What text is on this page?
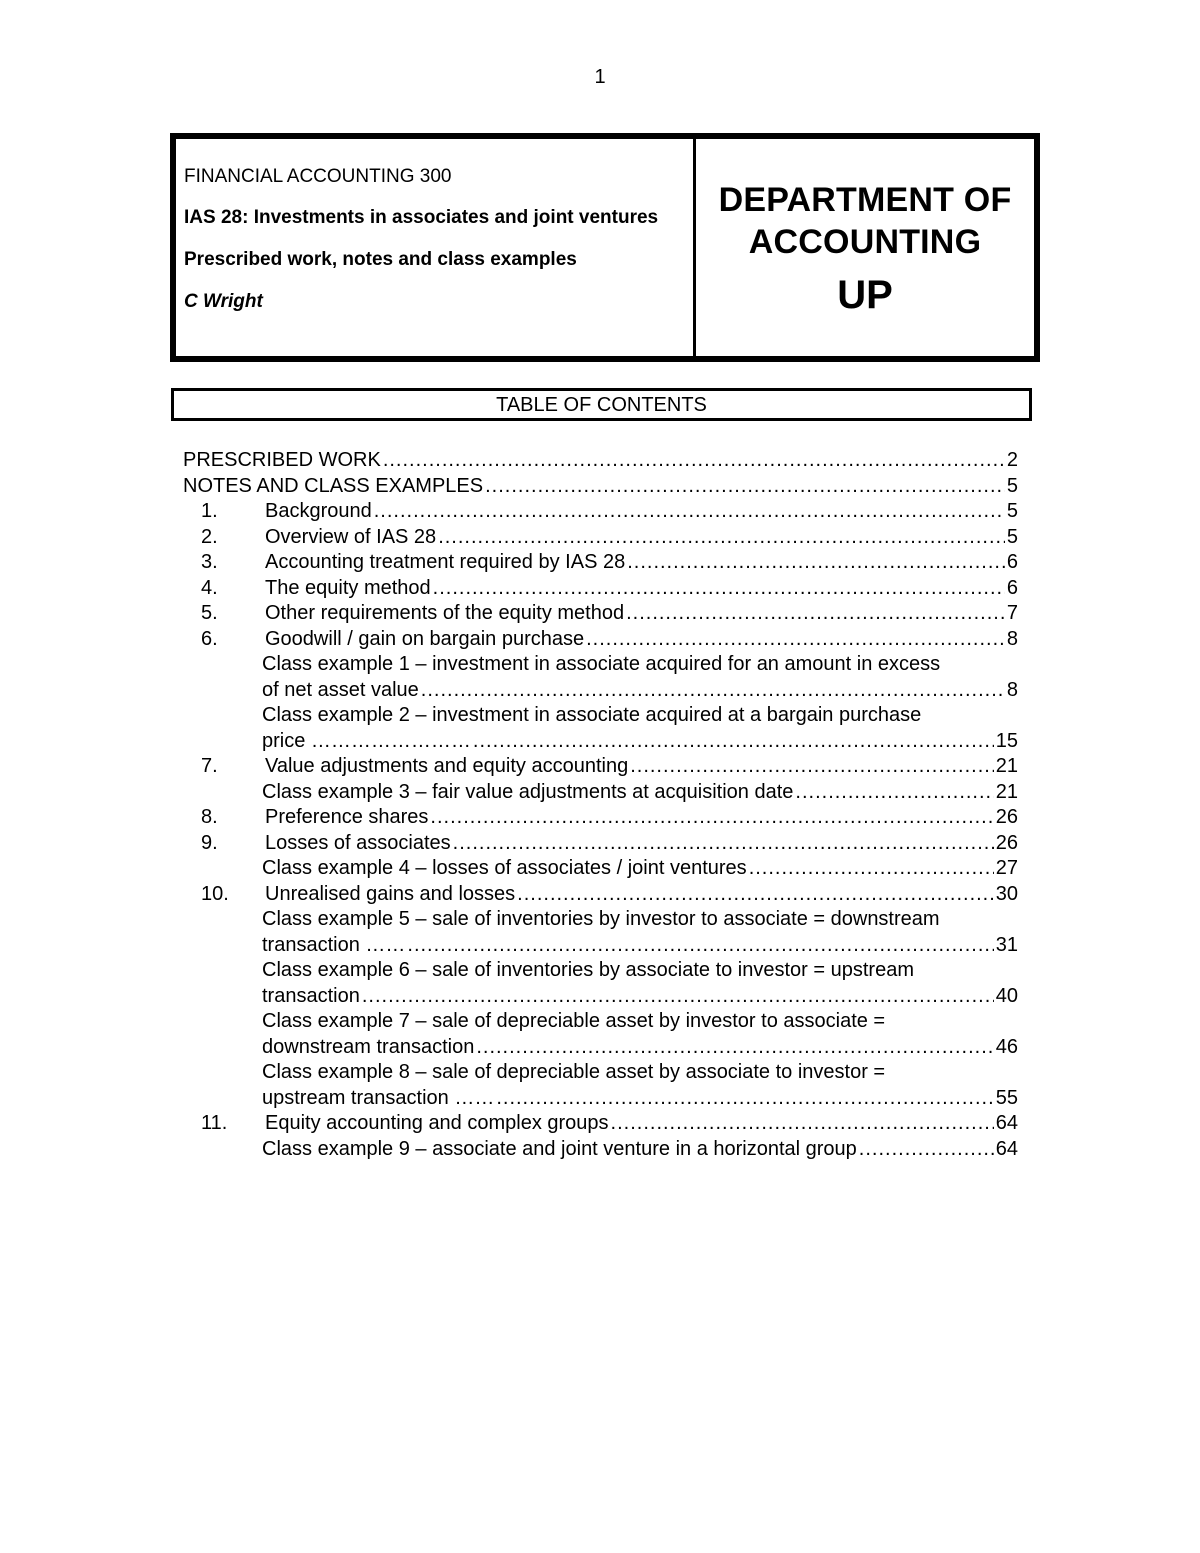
1

FINANCIAL ACCOUNTING 300

IAS 28: Investments in associates and joint ventures

Prescribed work, notes and class examples

C Wright

DEPARTMENT OF
ACCOUNTING
UP
TABLE OF CONTENTS
PRESCRIBED WORK .....	2
NOTES AND CLASS EXAMPLES .....	5
1. Background .....	5
2. Overview of IAS 28 .....	5
3. Accounting treatment required by IAS 28 .....	6
4. The equity method .....	6
5. Other requirements of the equity method .....	7
6. Goodwill / gain on bargain purchase .....	8
Class example 1 – investment in associate acquired for an amount in excess
of net asset value .....	8
Class example 2 – investment in associate acquired at a bargain purchase
price …………………… .....	15
7. Value adjustments and equity accounting .....	21
Class example 3 – fair value adjustments at acquisition date .....	21
8. Preference shares .....	26
9. Losses of associates .....	26
Class example 4 – losses of associates / joint ventures .....	27
10. Unrealised gains and losses .....	30
Class example 5 – sale of inventories by investor to associate = downstream
transaction …… .....	31
Class example 6 – sale of inventories by associate to investor = upstream
transaction .....	40
Class example 7 – sale of depreciable asset by investor to associate =
downstream transaction .....	46
Class example 8 – sale of depreciable asset by associate to investor =
upstream transaction …… .....	55
11. Equity accounting and complex groups .....	64
Class example 9 – associate and joint venture in a horizontal group .....	64
